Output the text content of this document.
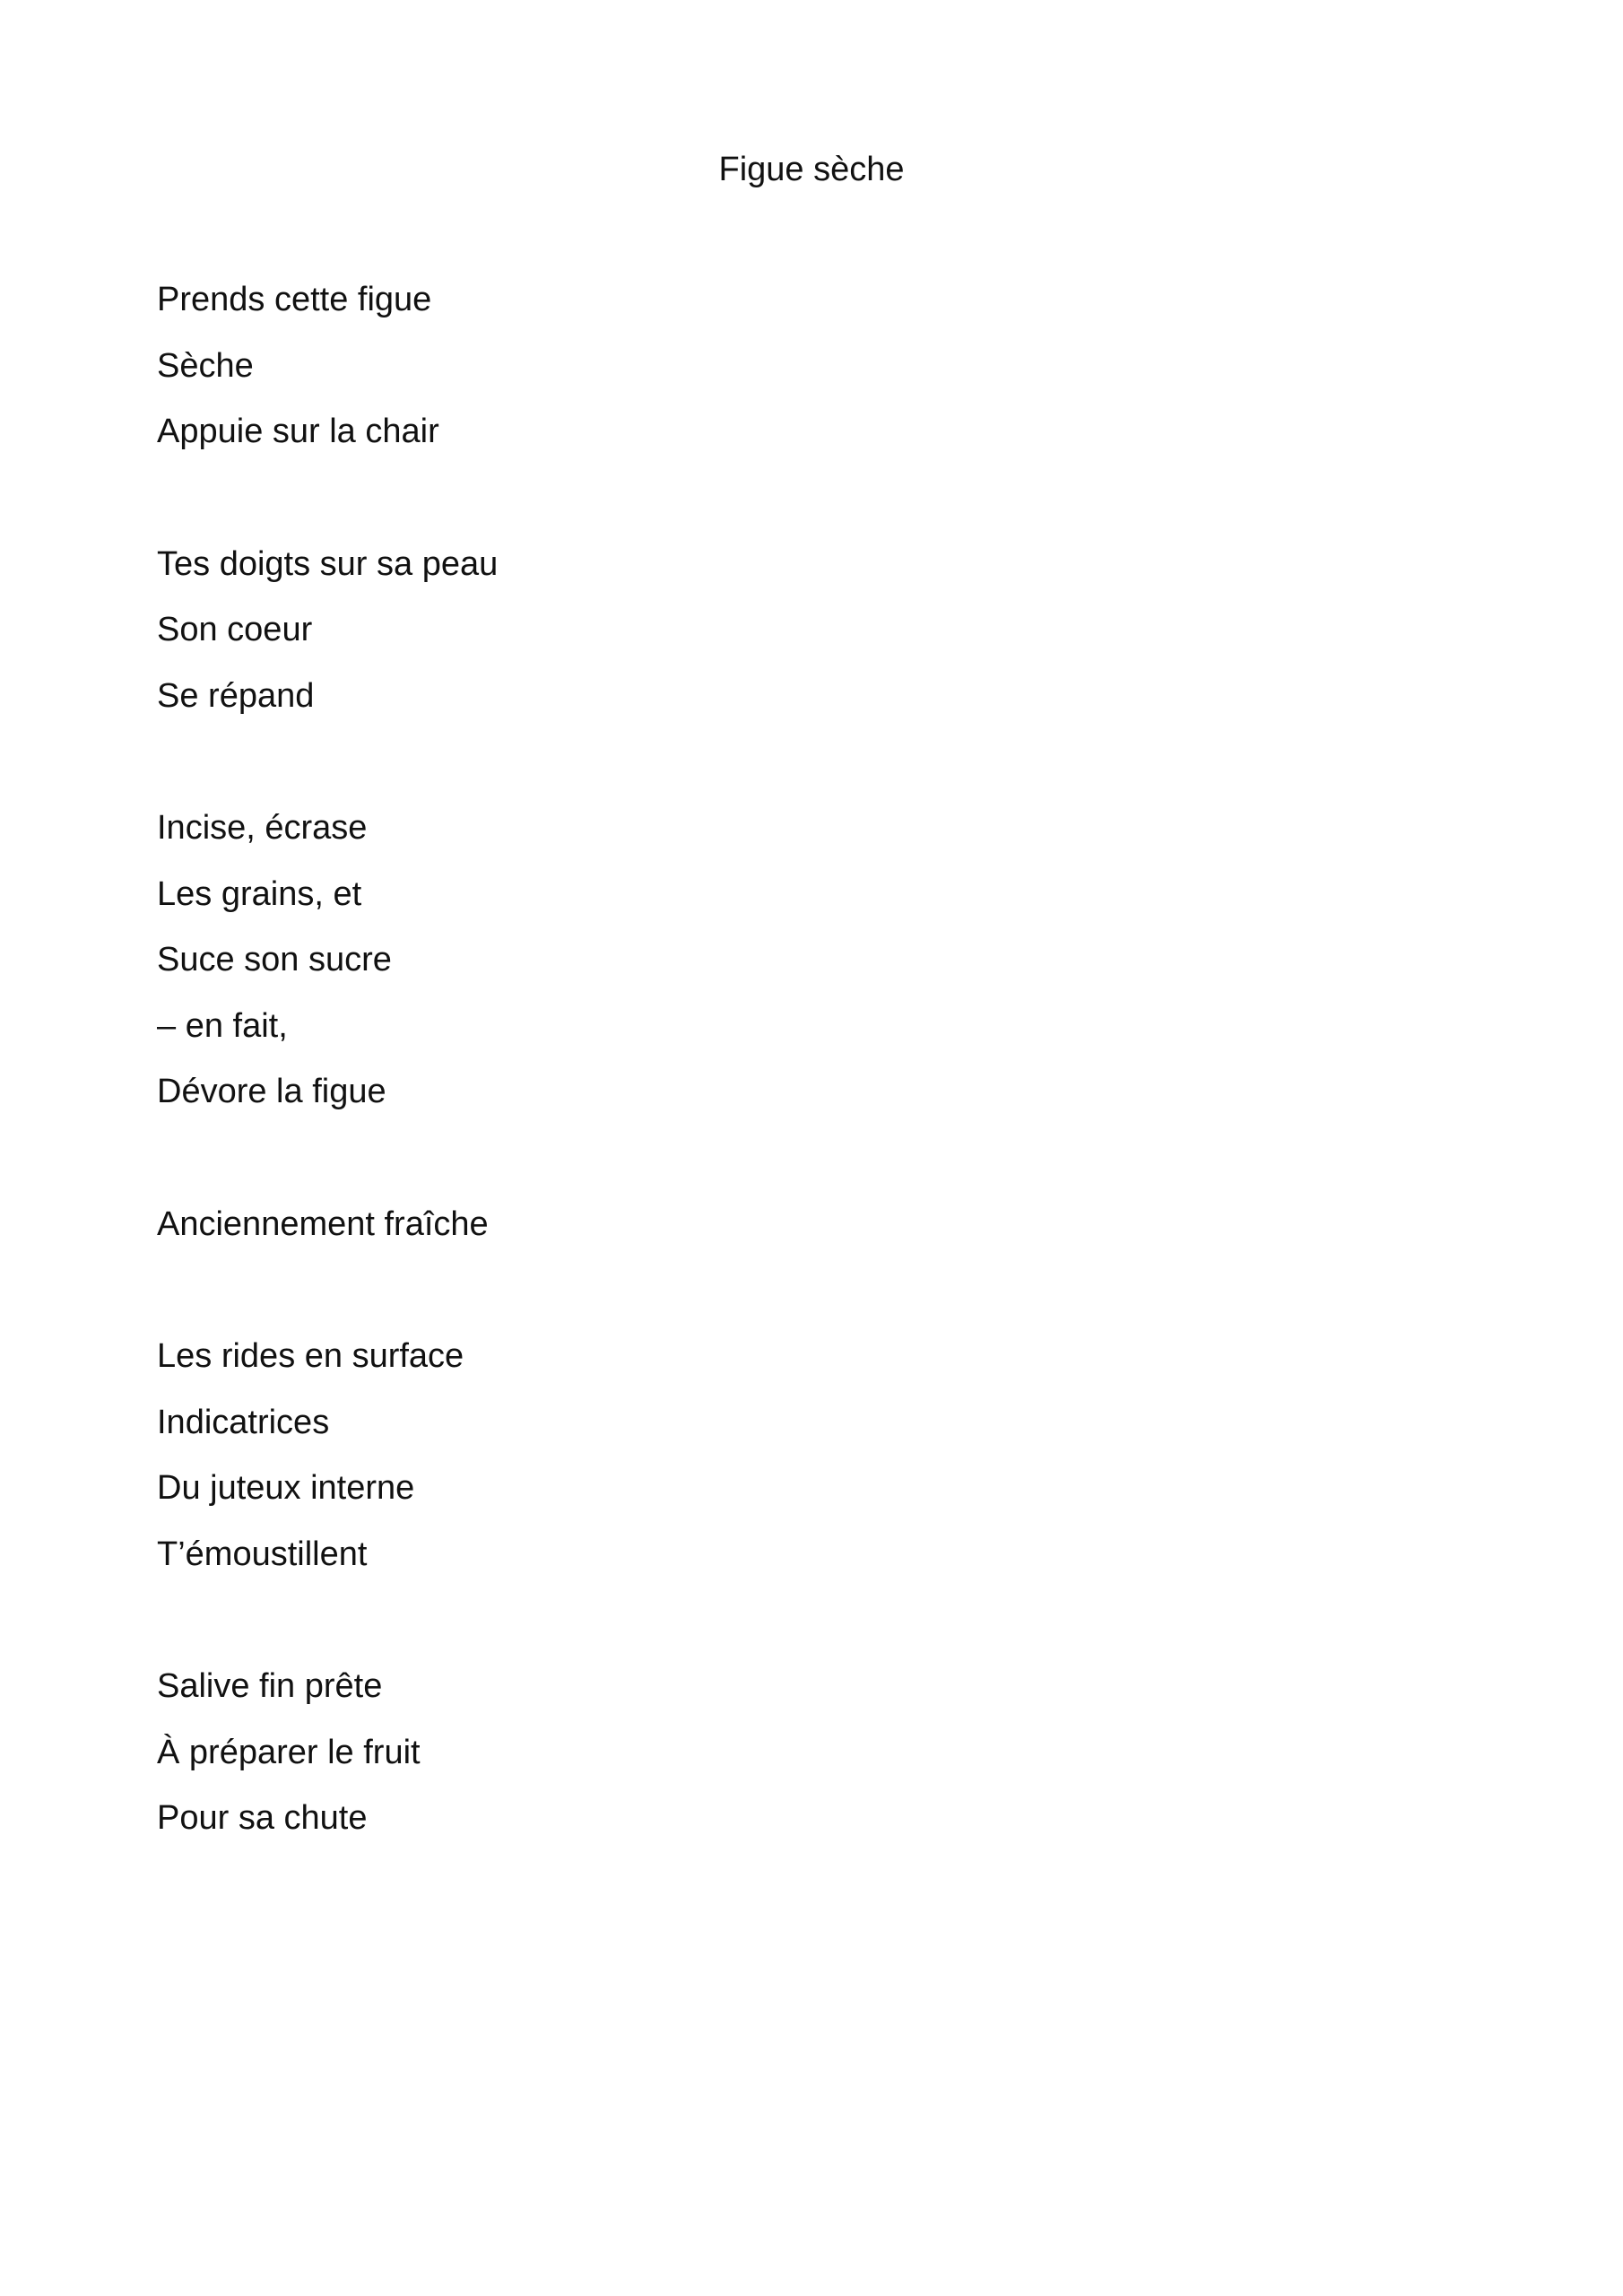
Figue sèche
Prends cette figue
Sèche
Appuie sur la chair
Tes doigts sur sa peau
Son coeur
Se répand
Incise, écrase
Les grains, et
Suce son sucre
– en fait,
Dévore la figue
Anciennement fraîche
Les rides en surface
Indicatrices
Du juteux interne
T’émoustillent
Salive fin prête
À préparer le fruit
Pour sa chute
